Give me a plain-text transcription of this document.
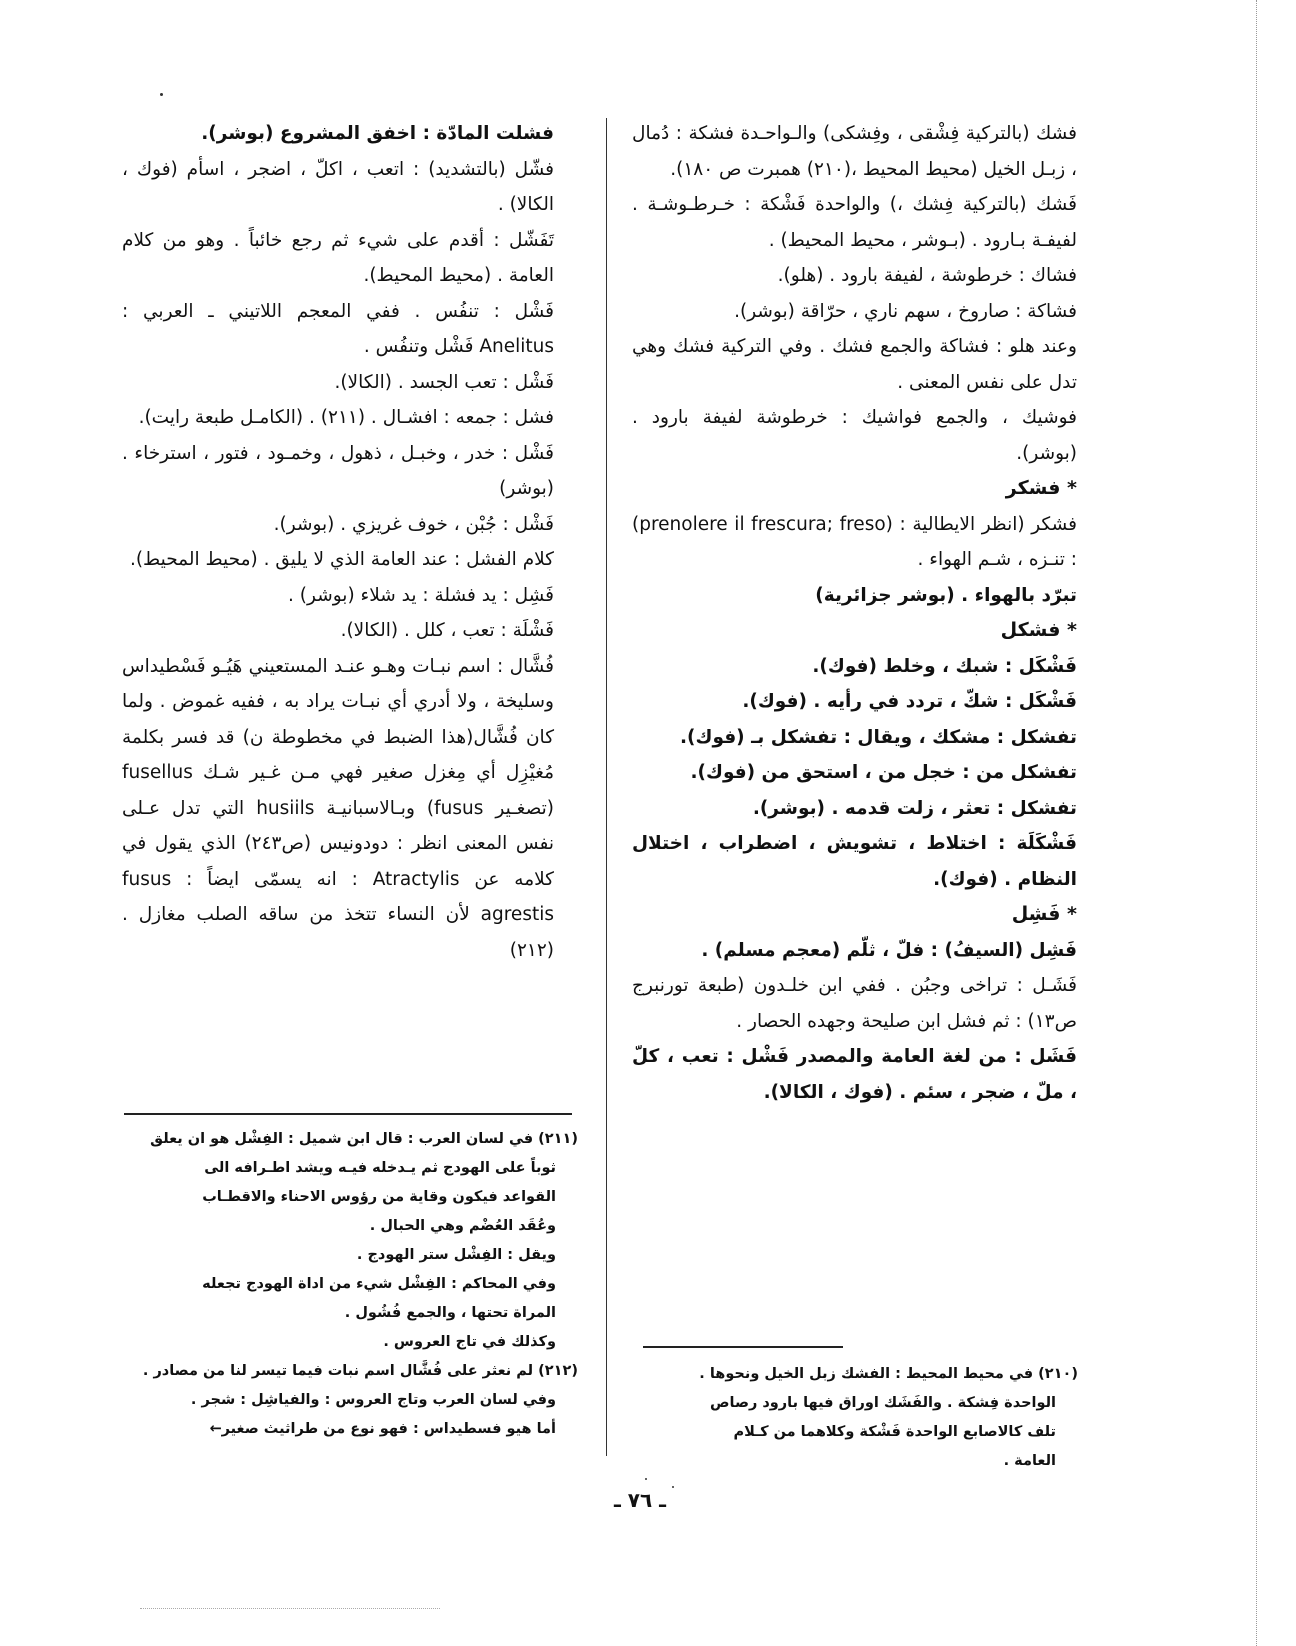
فشك (بالتركية فِشْقى ، وفِشكى) والـواحـدة فشكة : دُمال ، زبـل الخيل (محيط المحيط ،(٢١٠) همبرت ص ١٨٠).

فَشك (بالتركية فِشك ،) والواحدة فَشْكة : خـرطـوشـة . لفيفـة بـارود . (بـوشر ، محيط المحيط) .

فشاك : خرطوشة ، لفيفة بارود . (هلو).

فشاكة : صاروخ ، سهم ناري ، حرّاقة (بوشر).

وعند هلو : فشاكة والجمع فشك . وفي التركية فشك وهي تدل على نفس المعنى .

فوشيك ، والجمع فواشيك : خرطوشة لفيفة بارود . (بوشر).

* فشكر

فشكر (انظر الايطالية : (prenolere il frescura; freso) : تنـزه ، شـم الهواء .

تبرّد بالهواء . (بوشر جزائرية)

* فشكل

فَشْكَل : شبك ، وخلط (فوك).

فَشْكَل : شكّ ، تردد في رأيه . (فوك).

تفشكل : مشكك ، ويقال : تفشكل بـ (فوك).

تفشكل من : خجل من ، استحق من (فوك).

تفشكل : تعثر ، زلت قدمه . (بوشر).

فَشْكَلَة : اختلاط ، تشويش ، اضطراب ، اختلال النظام . (فوك).

* فَشِل

فَشِل (السيفُ) : فلّ ، ثلّم (معجم مسلم) .

فَشَـل : تراخى وجبُن . ففي ابن خلـدون (طبعة تورنبرج ص١٣) : ثم فشل ابن صليحة وجهده الحصار .

فَشَل : من لغة العامة والمصدر فَشْل : تعب ، كلّ ، ملّ ، ضجر ، سئم . (فوك ، الكالا).

فشلت المادّة : اخفق المشروع (بوشر).

فشّل (بالتشديد) : اتعب ، اكلّ ، اضجر ، اسأم (فوك ، الكالا) .

تَفَشّل : أقدم على شيء ثم رجع خائباً . وهو من كلام العامة . (محيط المحيط).

فَشْل : تنفُس . ففي المعجم اللاتيني ـ العربي : Anelitus فَشْل وتنفُس .

فَشْل : تعب الجسد . (الكالا).

فشل : جمعه : افشـال . (٢١١) . (الكامـل طبعة رايت).

فَشْل : خدر ، وخبـل ، ذهول ، وخمـود ، فتور ، استرخاء . (بوشر)

فَشْل : جُبْن ، خوف غريزي . (بوشر).

كلام الفشل : عند العامة الذي لا يليق . (محيط المحيط).

فَشِل : يد فشلة : يد شلاء (بوشر) .

فَشْلَة : تعب ، كلل . (الكالا).

فُشَّال : اسم نبـات وهـو عنـد المستعيني هَيُـو فَسْطيداس وسليخة ، ولا أدري أي نبـات يراد به ، ففيه غموض . ولما كان فُشَّال(هذا الضبط في مخطوطة ن) قد فسر بكلمة مُغيْزِل أي مِغزل صغير فهي مـن غـير شـك fusellus (تصغـير fusus) وبـالاسبانيـة husiils التي تدل عـلى نفس المعنى انظر : دودونيس (ص٢٤٣) الذي يقول في كلامه عن Atractylis : انه يسمّى ايضاً : fusus agrestis لأن النساء تتخذ من ساقه الصلب مغازل .(٢١٢)

(٢١١) في لسان العرب : قال ابن شميل : الفِشْل هو ان يعلق

ثوباً على الهودج ثم يـدخله فيـه ويشد اطـرافه الى

القواعد فيكون وقاية من رؤوس الاحناء والاقطـاب

وعُقَد العُضْم وهي الحبال .

ويقل : الفِشْل ستر الهودج .

وفي المحاكم : الفِشْل شيء من اداة الهودج تجعله

المراة تحتها ، والجمع فُشُول .

وكذلك في تاج العروس .

(٢١٢) لم نعثر على فُشَّال اسم نبات فيما تيسر لنا من مصادر .

وفي لسان العرب وتاج العروس : والفياشِل : شجر .

أما هيو فسطيداس : فهو نوع من طراثيث صغير←

(٢١٠) في محيط المحيط : الفشك زبل الخيل ونحوها .

الواحدة فِشكة . والفَشَك اوراق فيها بارود رصاص

تلف كالاصابع الواحدة فَشْكة وكلاهما من كـلام

العامة .

ـ ٧٦ ـ
